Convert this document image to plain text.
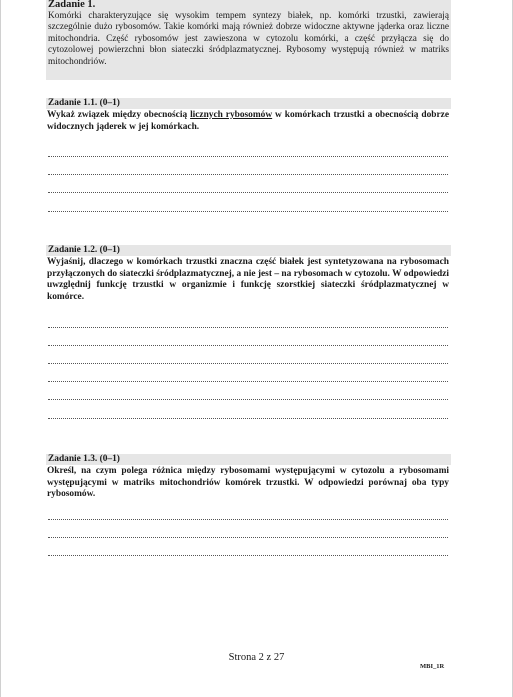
Zadanie 1.
Komórki charakteryzujące się wysokim tempem syntezy białek, np. komórki trzustki, zawierają szczególnie dużo rybosomów. Takie komórki mają również dobrze widoczne aktywne jąderka oraz liczne mitochondria. Część rybosomów jest zawieszona w cytozolu komórki, a część przyłącza się do cytozolowej powierzchni błon siateczki śródplazmatycznej. Rybosomy występują również w matriks mitochondriów.
Zadanie 1.1. (0–1)
Wykaż związek między obecnością licznych rybosomów w komórkach trzustki a obecnością dobrze widocznych jąderek w jej komórkach.
Zadanie 1.2. (0–1)
Wyjaśnij, dlaczego w komórkach trzustki znaczna część białek jest syntetyzowana na rybosomach przyłączonych do siateczki śródplazmatycznej, a nie jest – na rybosomach w cytozolu. W odpowiedzi uwzględnij funkcję trzustki w organizmie i funkcję szorstkiej siateczki śródplazmatycznej w komórce.
Zadanie 1.3. (0–1)
Określ, na czym polega różnica między rybosomami występującymi w cytozolu a rybosomami występującymi w matriks mitochondriów komórek trzustki. W odpowiedzi porównaj oba typy rybosomów.
Strona 2 z 27
MBI_1R
